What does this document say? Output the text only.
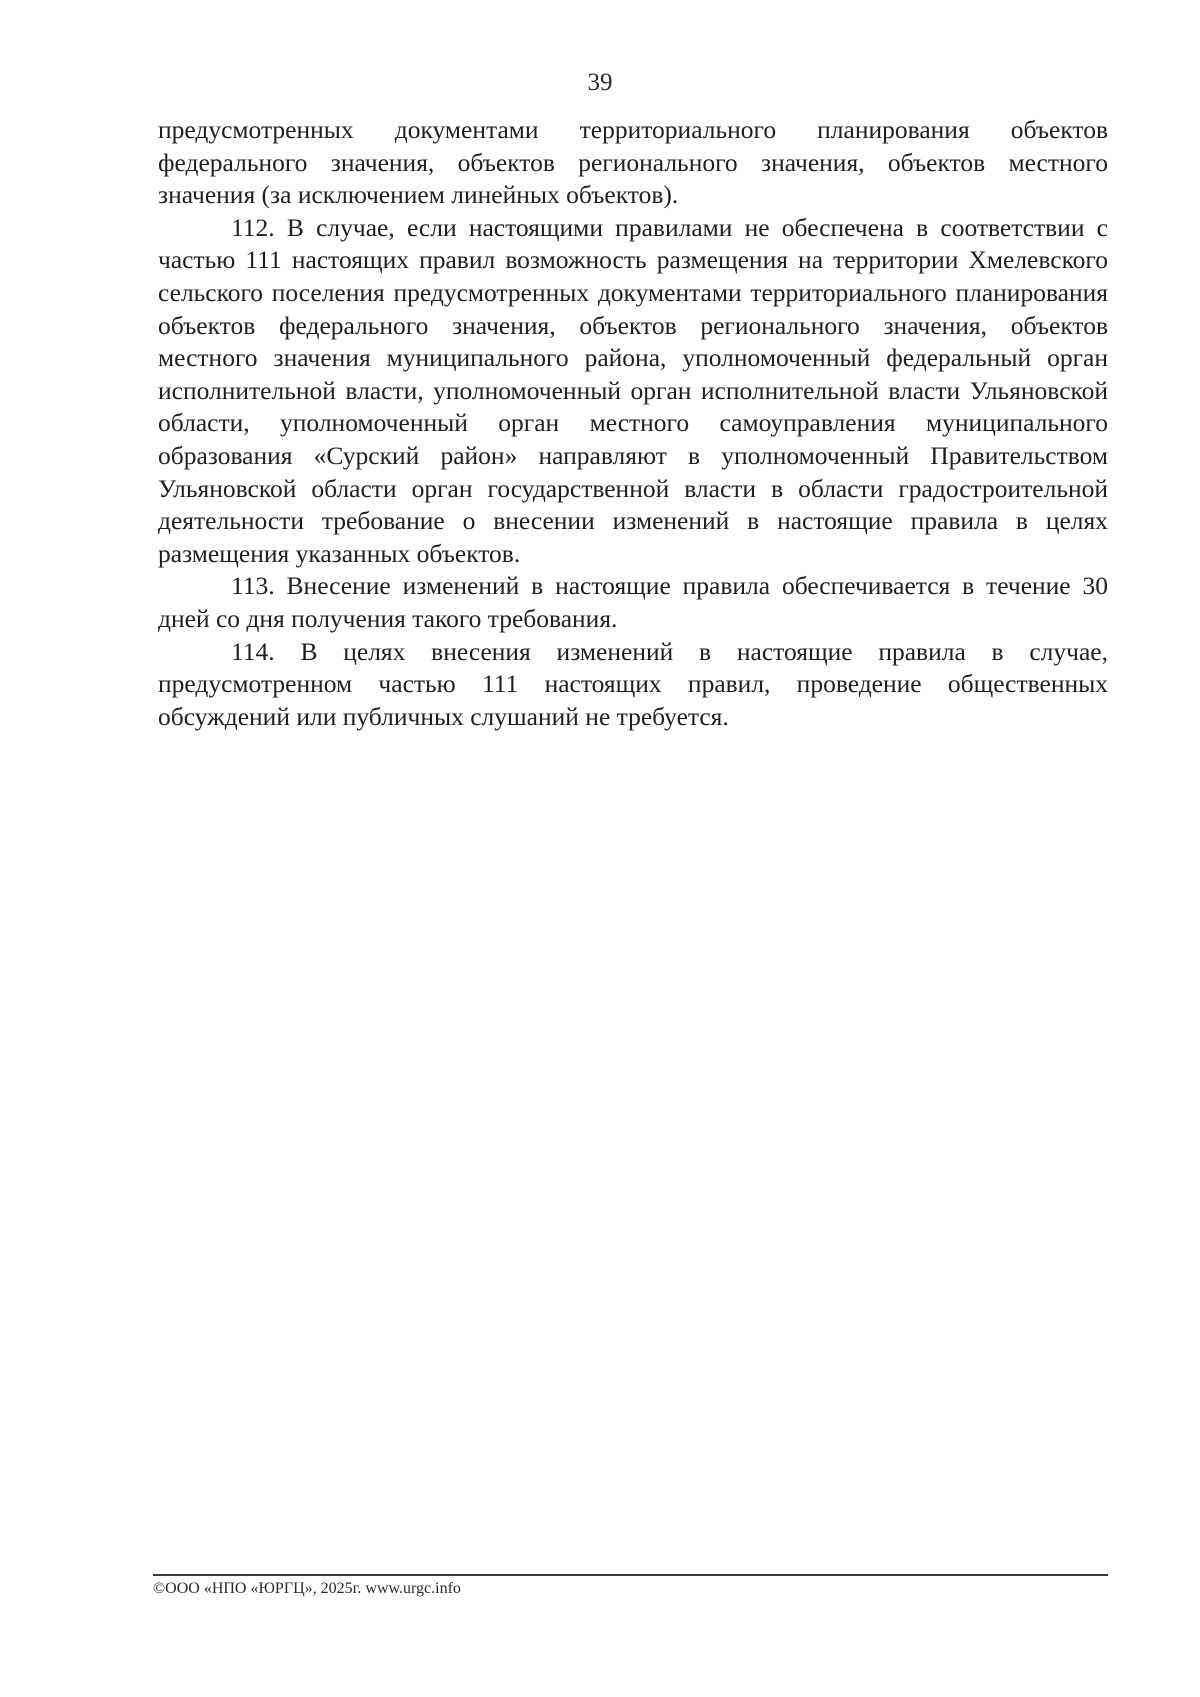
39

предусмотренных документами территориального планирования объектов федерального значения, объектов регионального значения, объектов местного значения (за исключением линейных объектов).

112. В случае, если настоящими правилами не обеспечена в соответствии с частью 111 настоящих правил возможность размещения на территории Хмелевского сельского поселения предусмотренных документами территориального планирования объектов федерального значения, объектов регионального значения, объектов местного значения муниципального района, уполномоченный федеральный орган исполнительной власти, уполномоченный орган исполнительной власти Ульяновской области, уполномоченный орган местного самоуправления муниципального образования «Сурский район» направляют в уполномоченный Правительством Ульяновской области орган государственной власти в области градостроительной деятельности требование о внесении изменений в настоящие правила в целях размещения указанных объектов.

113. Внесение изменений в настоящие правила обеспечивается в течение 30 дней со дня получения такого требования.

114. В целях внесения изменений в настоящие правила в случае, предусмотренном частью 111 настоящих правил, проведение общественных обсуждений или публичных слушаний не требуется.

©ООО «НПО «ЮРГЦ», 2025г. www.urgc.info
